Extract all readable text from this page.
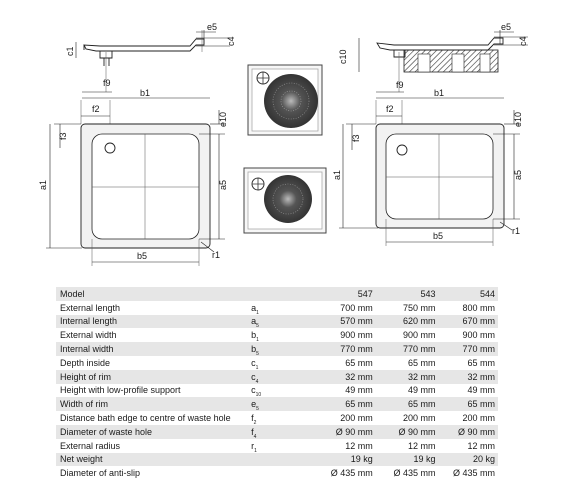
e5
c4
c1
f9
b1
f2
f3
e10
a1	a5
b5	r1
e5
c4
c10
f9
b1
f2
f3
e10
a1	a5
b5	r1
Model		547	543	544
External length	$a_1$	700 mm	750 mm	800 mm
Internal length	$a_5$	570 mm	620 mm	670 mm
External width	$b_1$	900 mm	900 mm	900 mm
Internal width	$b_5$	770 mm	770 mm	770 mm
Depth inside	$c_1$	65 mm	65 mm	65 mm
Height of rim	$c_4$	32 mm	32 mm	32 mm
Height with low-profile support	$c_{10}$	49 mm	49 mm	49 mm
Width of rim	$e_5$	65 mm	65 mm	65 mm
Distance bath edge to centre of waste hole	$f_2$	200 mm	200 mm	200 mm
Diameter of waste hole	$f_4$	Ø 90 mm	Ø 90 mm	Ø 90 mm
External radius	$r_1$	12 mm	12 mm	12 mm
Net weight		19 kg	19 kg	20 kg
Diameter of anti-slip		Ø 435 mm	Ø 435 mm	Ø 435 mm
